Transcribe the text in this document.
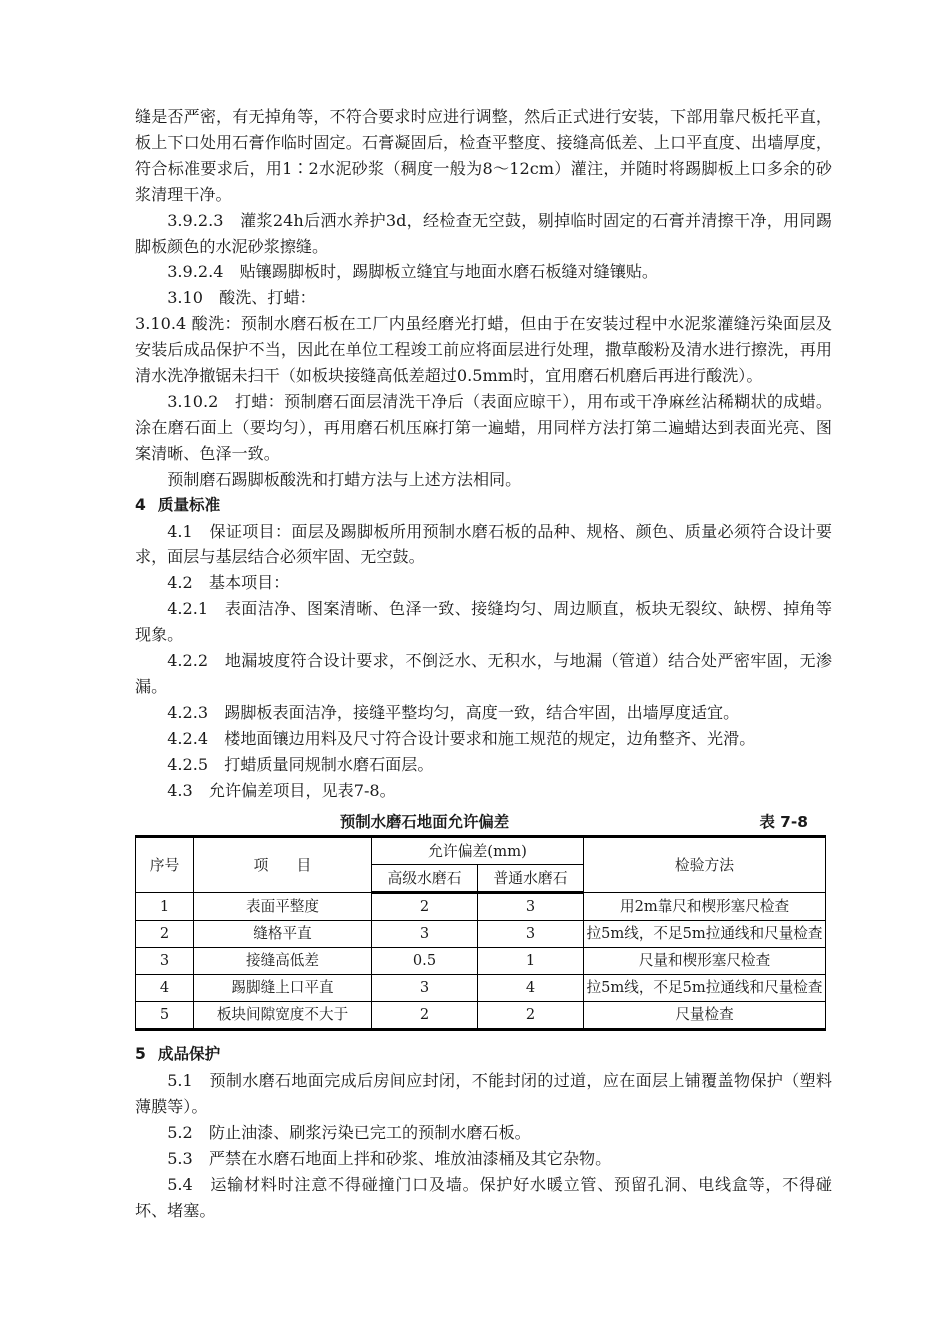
缝是否严密，有无掉角等，不符合要求时应进行调整，然后正式进行安装，下部用靠尺板托平直，板上下口处用石膏作临时固定。石膏凝固后，检查平整度、接缝高低差、上口平直度、出墙厚度，符合标准要求后，用1∶2水泥砂浆（稠度一般为8～12cm）灌注，并随时将踢脚板上口多余的砂浆清理干净。

3.9.2.3　灌浆24h后洒水养护3d，经检查无空鼓，剔掉临时固定的石膏并清擦干净，用同踢脚板颜色的水泥砂浆擦缝。

3.9.2.4　贴镶踢脚板时，踢脚板立缝宜与地面水磨石板缝对缝镶贴。

3.10　酸洗、打蜡：

3.10.4 酸洗：预制水磨石板在工厂内虽经磨光打蜡，但由于在安装过程中水泥浆灌缝污染面层及安装后成品保护不当，因此在单位工程竣工前应将面层进行处理，撒草酸粉及清水进行擦洗，再用清水洗净撤锯未扫干（如板块接缝高低差超过0.5mm时，宜用磨石机磨后再进行酸洗）。

3.10.2　打蜡：预制磨石面层清洗干净后（表面应晾干），用布或干净麻丝沾稀糊状的成蜡。涂在磨石面上（要均匀），再用磨石机压麻打第一遍蜡，用同样方法打第二遍蜡达到表面光亮、图案清晰、色泽一致。

预制磨石踢脚板酸洗和打蜡方法与上述方法相同。

4 质量标准

4.1　保证项目：面层及踢脚板所用预制水磨石板的品种、规格、颜色、质量必须符合设计要求，面层与基层结合必须牢固、无空鼓。

4.2　基本项目：

4.2.1　表面洁净、图案清晰、色泽一致、接缝均匀、周边顺直，板块无裂纹、缺楞、掉角等现象。

4.2.2　地漏坡度符合设计要求，不倒泛水、无积水，与地漏（管道）结合处严密牢固，无渗漏。

4.2.3　踢脚板表面洁净，接缝平整均匀，高度一致，结合牢固，出墙厚度适宜。

4.2.4　楼地面镶边用料及尺寸符合设计要求和施工规范的规定，边角整齐、光滑。

4.2.5　打蜡质量同规制水磨石面层。

4.3　允许偏差项目，见表7-8。

预制水磨石地面允许偏差	表 7-8
序号	项　目	允许偏差(mm)		检验方法
		高级水磨石	普通水磨石	
1	表面平整度	2	3	用2m靠尺和楔形塞尺检查
2	缝格平直	3	3	拉5m线，不足5m拉通线和尺量检查
3	接缝高低差	0.5	1	尺量和楔形塞尺检查
4	踢脚缝上口平直	3	4	拉5m线，不足5m拉通线和尺量检查
5	板块间隙宽度不大于	2	2	尺量检查

5 成品保护

5.1　预制水磨石地面完成后房间应封闭，不能封闭的过道，应在面层上铺覆盖物保护（塑料薄膜等）。

5.2　防止油漆、刷浆污染已完工的预制水磨石板。

5.3　严禁在水磨石地面上拌和砂浆、堆放油漆桶及其它杂物。

5.4　运输材料时注意不得碰撞门口及墙。保护好水暖立管、预留孔洞、电线盒等，不得碰坏、堵塞。
